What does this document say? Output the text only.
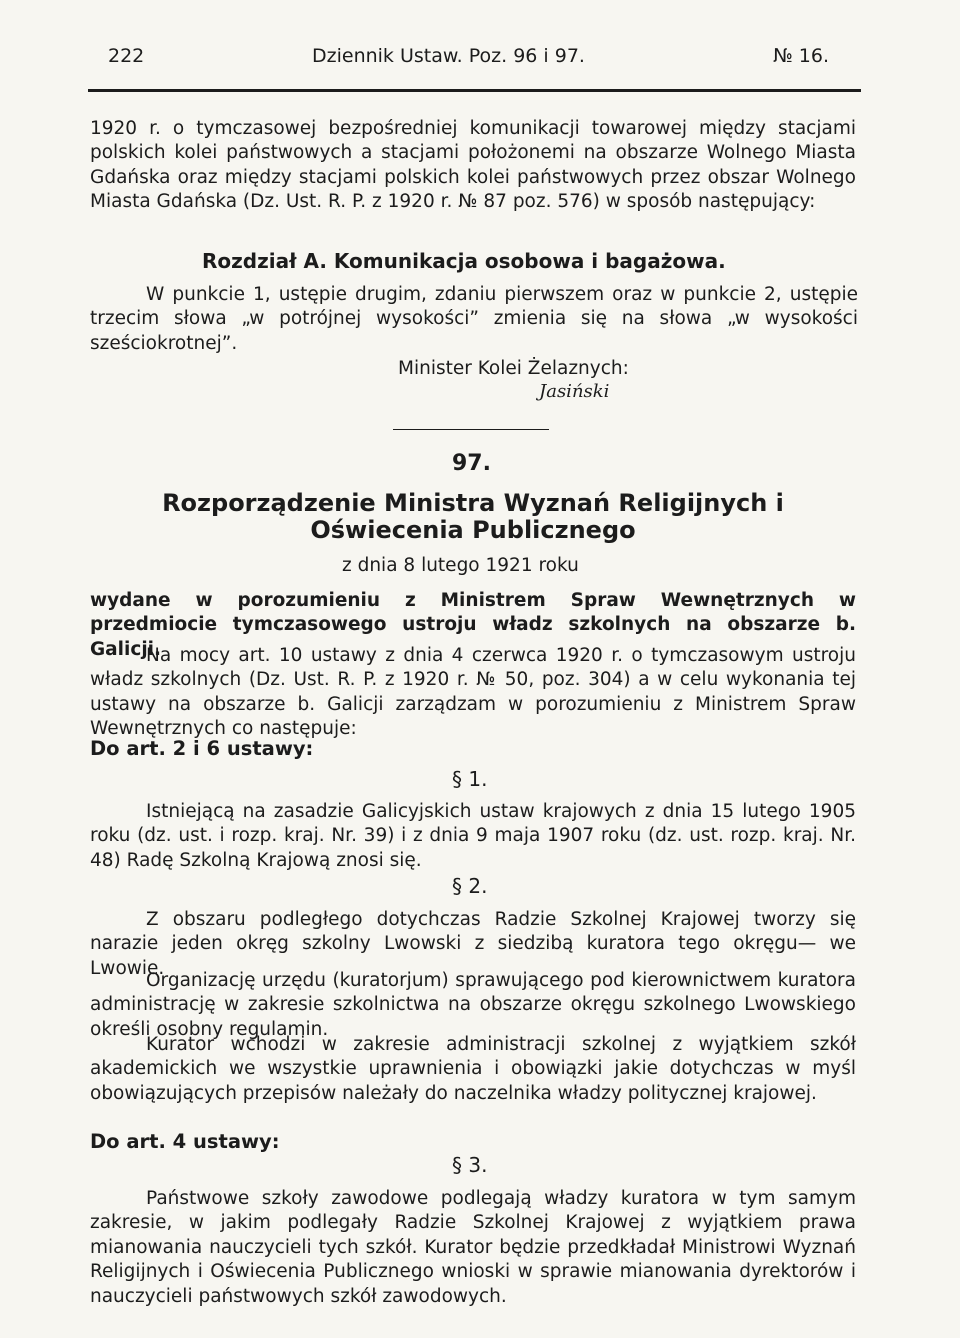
222	Dziennik Ustaw. Poz. 96 i 97.	№ 16.

1920 r. o tymczasowej bezpośredniej komunikacji towarowej między stacjami polskich kolei państwowych a stacjami położonemi na obszarze Wolnego Miasta Gdańska oraz między stacjami polskich kolei państwowych przez obszar Wolnego Miasta Gdańska (Dz. Ust. R. P. z 1920 r. № 87 poz. 576) w sposób następujący:

Rozdział A. Komunikacja osobowa i bagażowa.

W punkcie 1, ustępie drugim, zdaniu pierwszem oraz w punkcie 2, ustępie trzecim słowa „w potrójnej wysokości” zmienia się na słowa „w wysokości sześciokrotnej”.

Minister Kolei Żelaznych:
Jasiński
97.

Rozporządzenie Ministra Wyznań Religijnych i Oświecenia Publicznego

z dnia 8 lutego 1921 roku

wydane w porozumieniu z Ministrem Spraw Wewnętrznych w przedmiocie tymczasowego ustroju władz szkolnych na obszarze b. Galicji.

Na mocy art. 10 ustawy z dnia 4 czerwca 1920 r. o tymczasowym ustroju władz szkolnych (Dz. Ust. R. P. z 1920 r. № 50, poz. 304) a w celu wykonania tej ustawy na obszarze b. Galicji zarządzam w porozumieniu z Ministrem Spraw Wewnętrznych co następuje:

Do art. 2 i 6 ustawy:
§ 1.

Istniejącą na zasadzie Galicyjskich ustaw krajowych z dnia 15 lutego 1905 roku (dz. ust. i rozp. kraj. Nr. 39) i z dnia 9 maja 1907 roku (dz. ust. rozp. kraj. Nr. 48) Radę Szkolną Krajową znosi się.

§ 2.

Z obszaru podległego dotychczas Radzie Szkolnej Krajowej tworzy się narazie jeden okręg szkolny Lwowski z siedzibą kuratora tego okręgu— we Lwowie.

Organizację urzędu (kuratorjum) sprawującego pod kierownictwem kuratora administrację w zakresie szkolnictwa na obszarze okręgu szkolnego Lwowskiego określi osobny regulamin.

Kurator wchodzi w zakresie administracji szkolnej z wyjątkiem szkół akademickich we wszystkie uprawnienia i obowiązki jakie dotychczas w myśl obowiązujących przepisów należały do naczelnika władzy politycznej krajowej.

Do art. 4 ustawy:
§ 3.

Państwowe szkoły zawodowe podlegają władzy kuratora w tym samym zakresie, w jakim podlegały Radzie Szkolnej Krajowej z wyjątkiem prawa mianowania nauczycieli tych szkół. Kurator będzie przedkładał Ministrowi Wyznań Religijnych i Oświecenia Publicznego wnioski w sprawie mianowania dyrektorów i nauczycieli państwowych szkół zawodowych.
